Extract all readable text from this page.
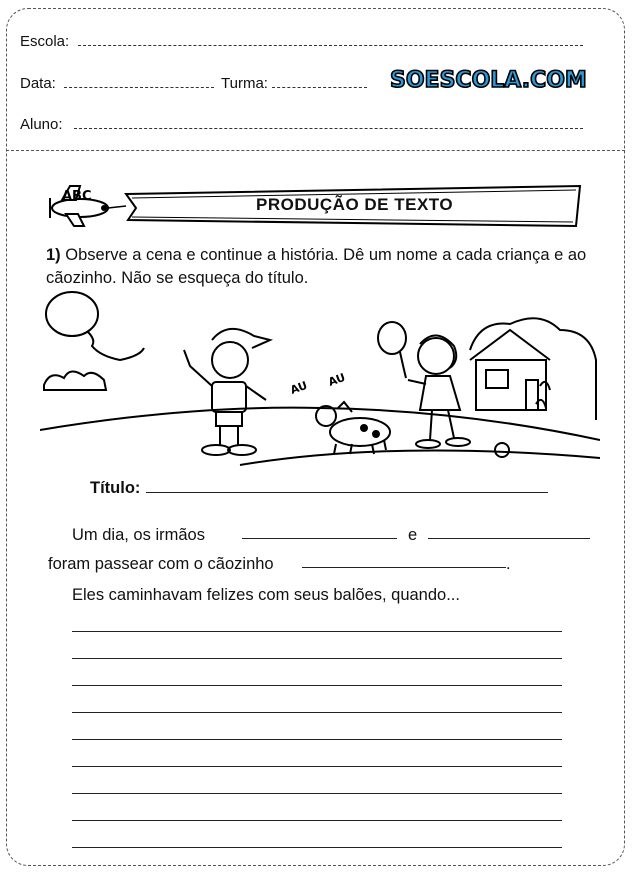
Escola:
Data:	Turma:	SOESCOLA.COM
Aluno:
ABC	PRODUÇÃO DE TEXTO
1) Observe a cena e continue a história. Dê um nome a cada criança e ao cãozinho. Não se esqueça do título.
AU AU
Título:
Um dia, os irmãos	e
foram passear com o cãozinho	.
Eles caminhavam felizes com seus balões, quando...
